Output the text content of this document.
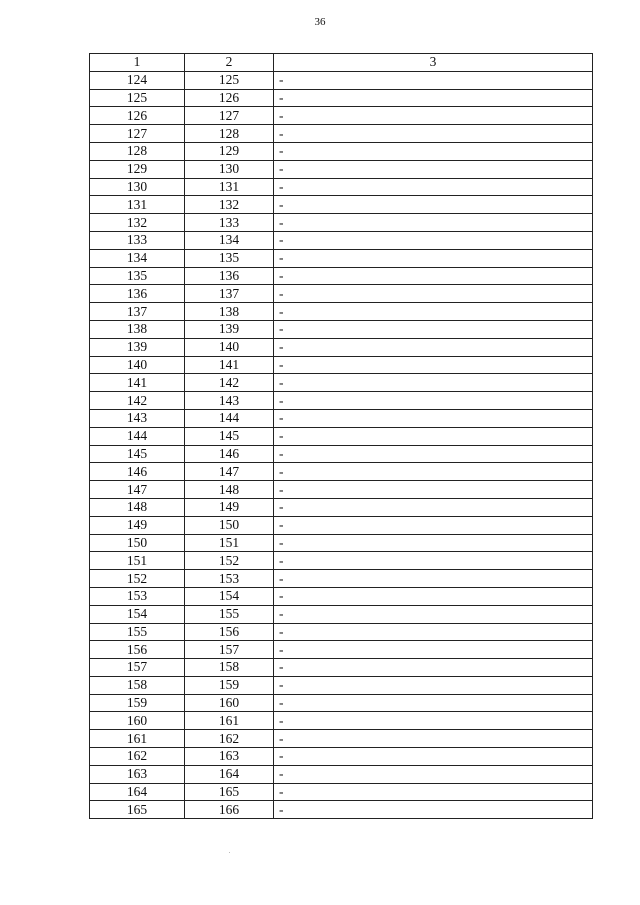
36
1	2	3
124	125	-
125	126	-
126	127	-
127	128	-
128	129	-
129	130	-
130	131	-
131	132	-
132	133	-
133	134	-
134	135	-
135	136	-
136	137	-
137	138	-
138	139	-
139	140	-
140	141	-
141	142	-
142	143	-
143	144	-
144	145	-
145	146	-
146	147	-
147	148	-
148	149	-
149	150	-
150	151	-
151	152	-
152	153	-
153	154	-
154	155	-
155	156	-
156	157	-
157	158	-
158	159	-
159	160	-
160	161	-
161	162	-
162	163	-
163	164	-
164	165	-
165	166	-
